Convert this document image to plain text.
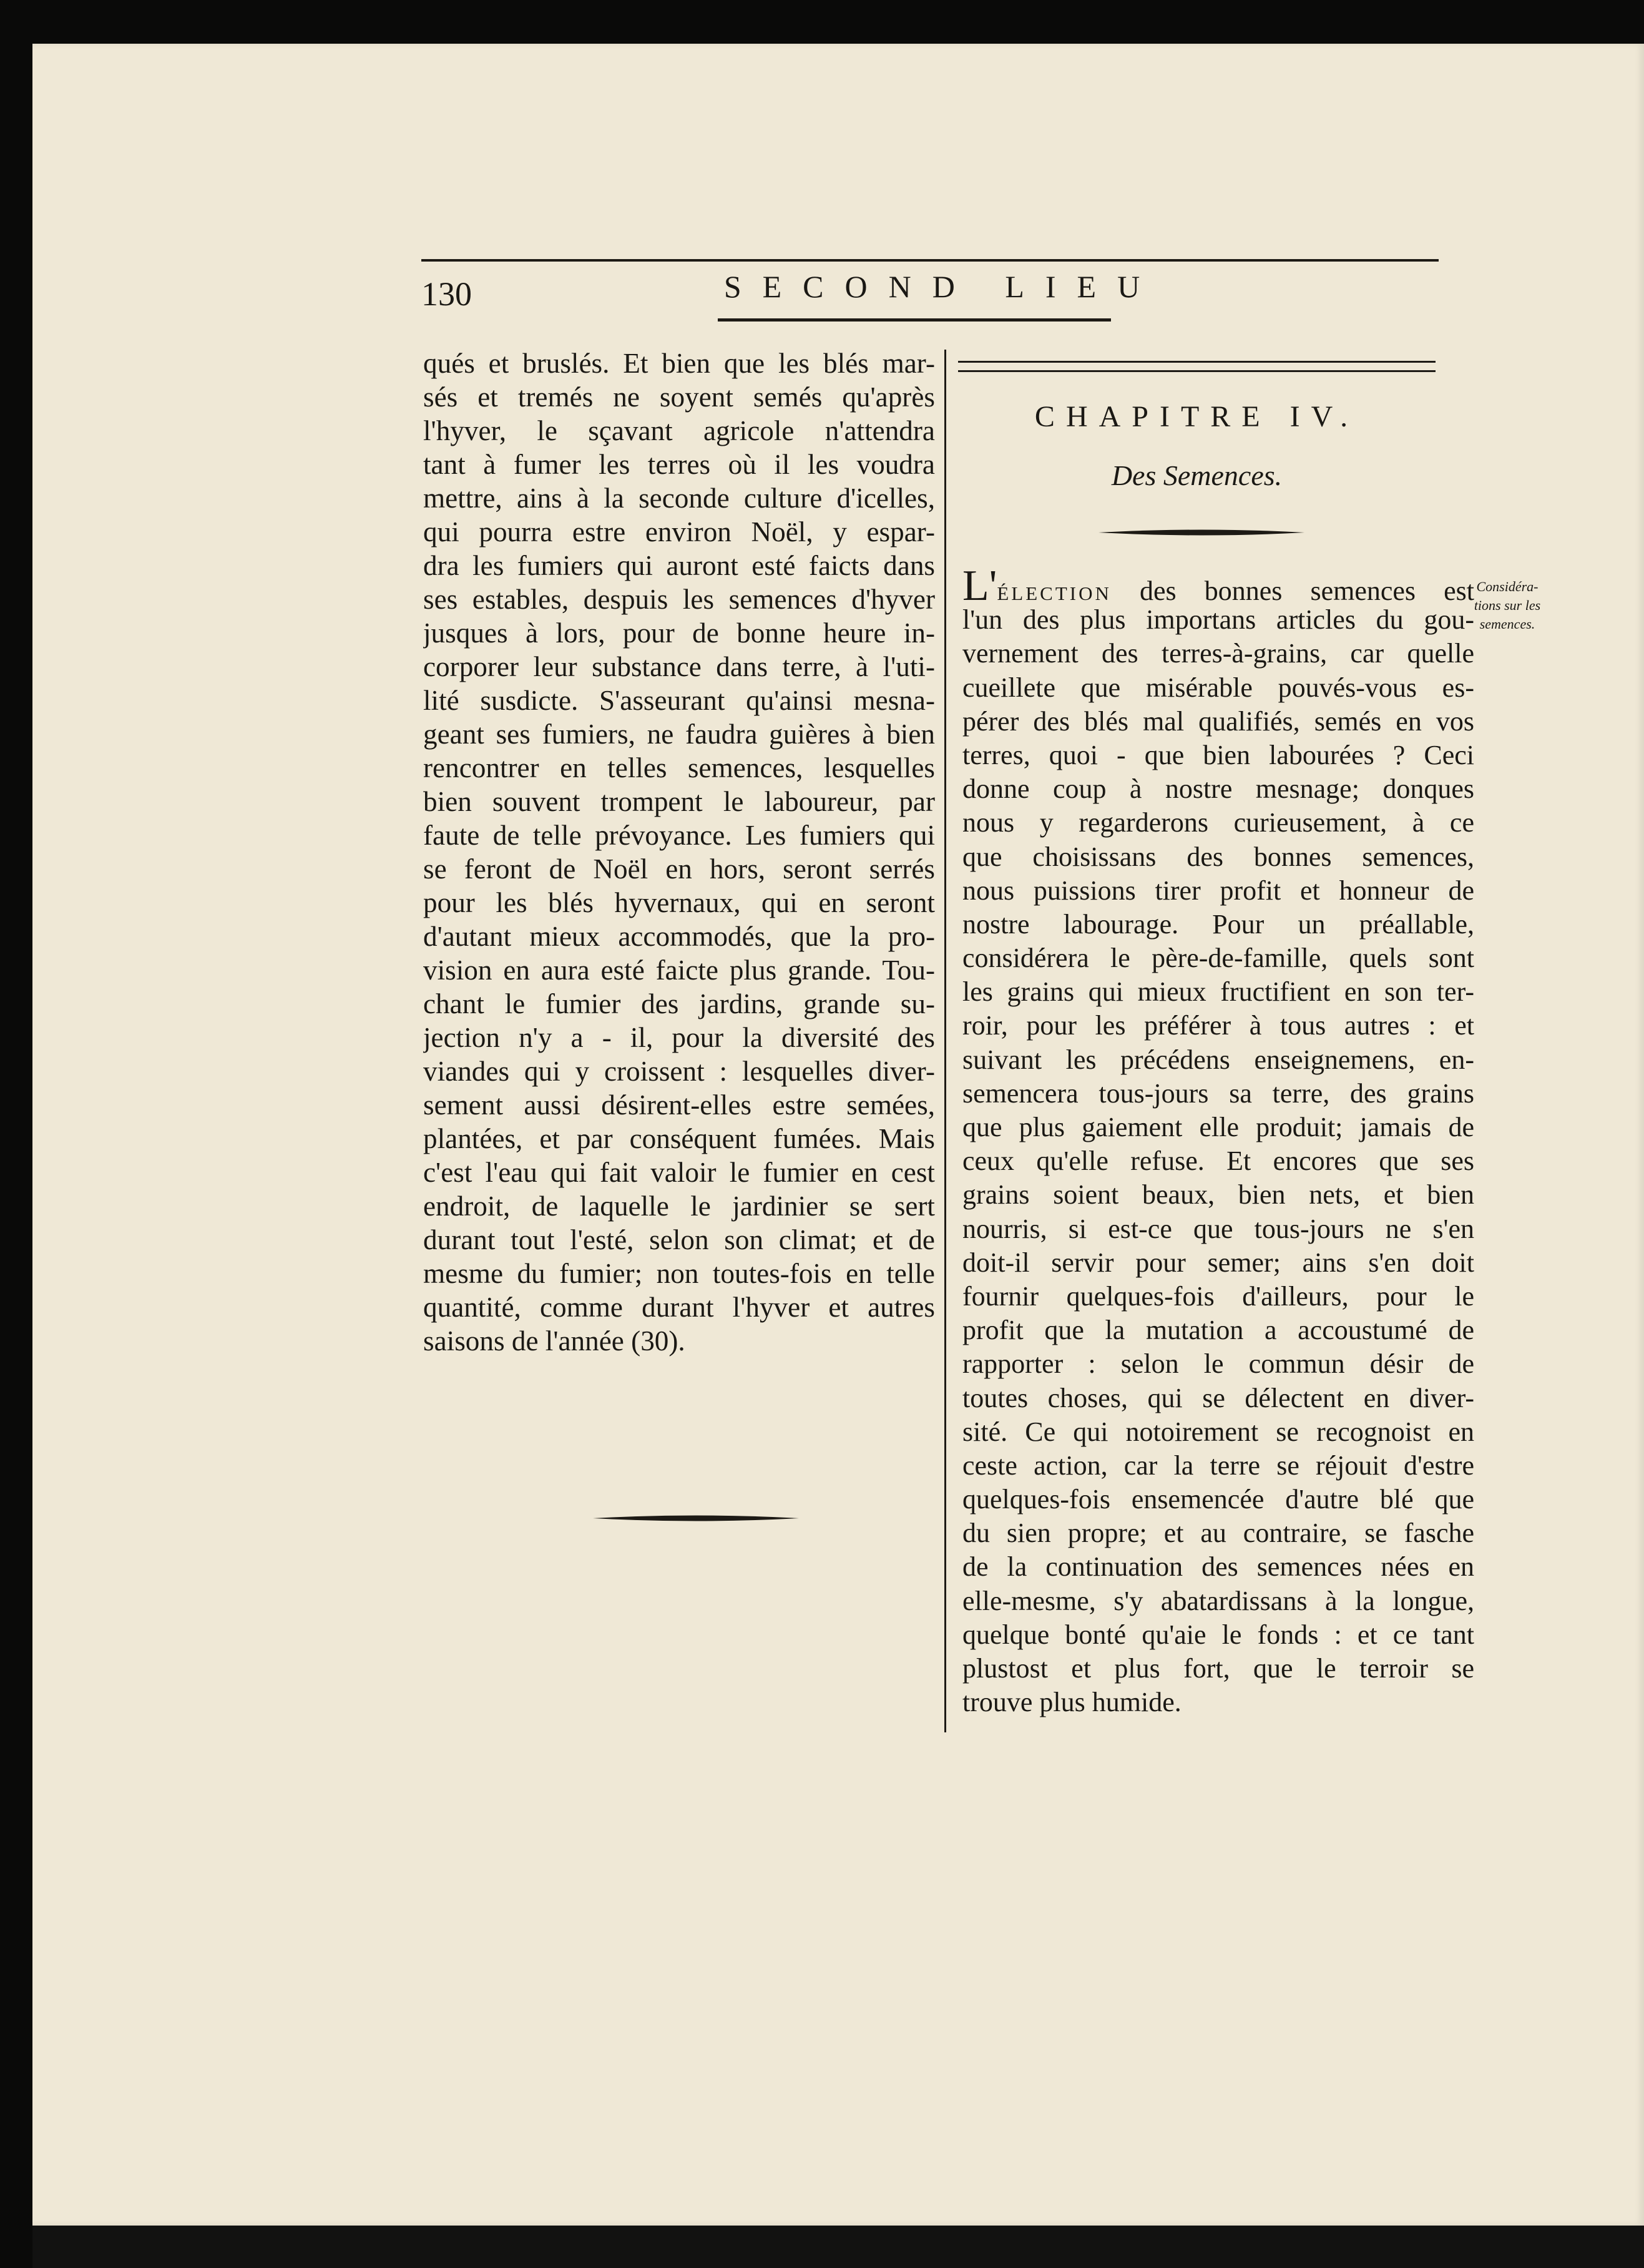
130	SECOND LIEU
qués et bruslés. Et bien que les blés mar-
sés et tremés ne soyent semés qu'après
l'hyver, le sçavant agricole n'attendra
tant à fumer les terres où il les voudra
mettre, ains à la seconde culture d'icelles,
qui pourra estre environ Noël, y espar-
dra les fumiers qui auront esté faicts dans
ses estables, despuis les semences d'hyver
jusques à lors, pour de bonne heure in-
corporer leur substance dans terre, à l'uti-
lité susdicte. S'asseurant qu'ainsi mesna-
geant ses fumiers, ne faudra guières à bien
rencontrer en telles semences, lesquelles
bien souvent trompent le laboureur, par
faute de telle prévoyance. Les fumiers qui
se feront de Noël en hors, seront serrés
pour les blés hyvernaux, qui en seront
d'autant mieux accommodés, que la pro-
vision en aura esté faicte plus grande. Tou-
chant le fumier des jardins, grande su-
jection n'y a - il, pour la diversité des
viandes qui y croissent : lesquelles diver-
sement aussi désirent-elles estre semées,
plantées, et par conséquent fumées. Mais
c'est l'eau qui fait valoir le fumier en cest
endroit, de laquelle le jardinier se sert
durant tout l'esté, selon son climat; et de
mesme du fumier; non toutes-fois en telle
quantité, comme durant l'hyver et autres
saisons de l'année (30).
CHAPITRE IV.
Des Semences.
L'élection des bonnes semences est
l'un des plus importans articles du gou-
vernement des terres-à-grains, car quelle
cueillete que misérable pouvés-vous es-
pérer des blés mal qualifiés, semés en vos
terres, quoi - que bien labourées ? Ceci
donne coup à nostre mesnage; donques
nous y regarderons curieusement, à ce
que choisissans des bonnes semences,
nous puissions tirer profit et honneur de
nostre labourage. Pour un préallable,
considérera le père-de-famille, quels sont
les grains qui mieux fructifient en son ter-
roir, pour les préférer à tous autres : et
suivant les précédens enseignemens, en-
semencera tous-jours sa terre, des grains
que plus gaiement elle produit; jamais de
ceux qu'elle refuse. Et encores que ses
grains soient beaux, bien nets, et bien
nourris, si est-ce que tous-jours ne s'en
doit-il servir pour semer; ains s'en doit
fournir quelques-fois d'ailleurs, pour le
profit que la mutation a accoustumé de
rapporter : selon le commun désir de
toutes choses, qui se délectent en diver-
sité. Ce qui notoirement se recognoist en
ceste action, car la terre se réjouit d'estre
quelques-fois ensemencée d'autre blé que
du sien propre; et au contraire, se fasche
de la continuation des semences nées en
elle-mesme, s'y abatardissans à la longue,
quelque bonté qu'aie le fonds : et ce tant
plustost et plus fort, que le terroir se
trouve plus humide.
Considéra-
tions sur les
semences.
